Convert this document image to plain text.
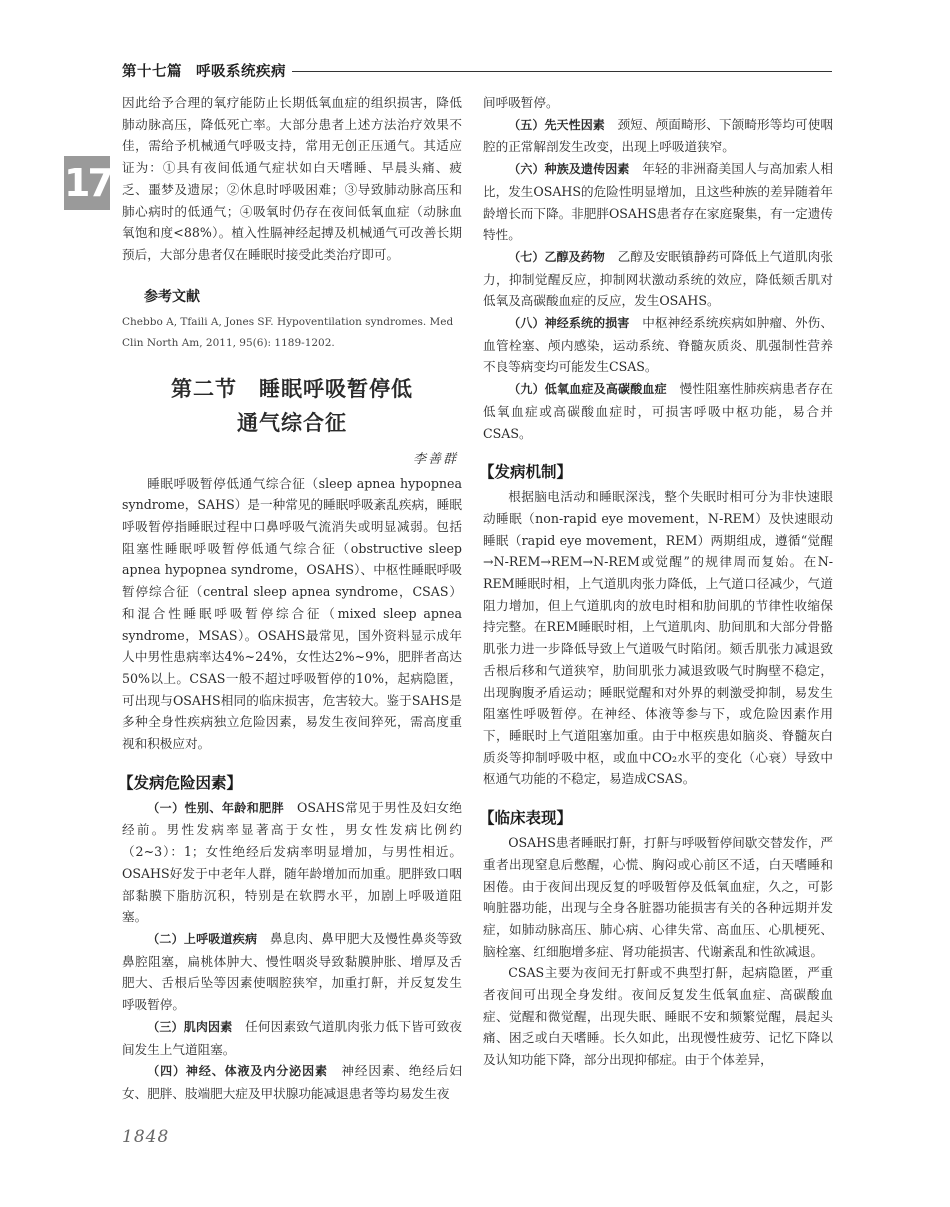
第十七篇 呼吸系统疾病
17

因此给予合理的氧疗能防止长期低氧血症的组织损害，降低肺动脉高压，降低死亡率。大部分患者上述方法治疗效果不佳，需给予机械通气呼吸支持，常用无创正压通气。其适应证为：①具有夜间低通气症状如白天嗜睡、早晨头痛、疲乏、噩梦及遗尿；②休息时呼吸困难；③导致肺动脉高压和肺心病时的低通气；④吸氧时仍存在夜间低氧血症（动脉血氧饱和度<88%）。植入性膈神经起搏及机械通气可改善长期预后，大部分患者仅在睡眠时接受此类治疗即可。

参考文献

Chebbo A, Tfaili A, Jones SF. Hypoventilation syndromes. Med Clin North Am, 2011, 95(6): 1189-1202.

第二节　睡眠呼吸暂停低
通气综合征
李善群

睡眠呼吸暂停低通气综合征（sleep apnea hypopnea syndrome，SAHS）是一种常见的睡眠呼吸紊乱疾病，睡眠呼吸暂停指睡眠过程中口鼻呼吸气流消失或明显减弱。包括阻塞性睡眠呼吸暂停低通气综合征（obstructive sleep apnea hypopnea syndrome，OSAHS）、中枢性睡眠呼吸暂停综合征（central sleep apnea syndrome，CSAS）和混合性睡眠呼吸暂停综合征（mixed sleep apnea syndrome，MSAS）。OSAHS最常见，国外资料显示成年人中男性患病率达4%~24%，女性达2%~9%，肥胖者高达50%以上。CSAS一般不超过呼吸暂停的10%，起病隐匿，可出现与OSAHS相同的临床损害，危害较大。鉴于SAHS是多种全身性疾病独立危险因素，易发生夜间猝死，需高度重视和积极应对。

【发病危险因素】

（一）性别、年龄和肥胖　 OSAHS常见于男性及妇女绝经前。男性发病率显著高于女性，男女性发病比例约（2~3）：1；女性绝经后发病率明显增加，与男性相近。OSAHS好发于中老年人群，随年龄增加而加重。肥胖致口咽部黏膜下脂肪沉积，特别是在软腭水平，加剧上呼吸道阻塞。

（二）上呼吸道疾病　 鼻息肉、鼻甲肥大及慢性鼻炎等致鼻腔阻塞，扁桃体肿大、慢性咽炎导致黏膜肿胀、增厚及舌肥大、舌根后坠等因素使咽腔狭窄，加重打鼾，并反复发生呼吸暂停。

（三）肌肉因素　 任何因素致气道肌肉张力低下皆可致夜间发生上气道阻塞。

（四）神经、体液及内分泌因素　 神经因素、绝经后妇女、肥胖、肢端肥大症及甲状腺功能减退患者等均易发生夜

间呼吸暂停。

（五）先天性因素　 颈短、颅面畸形、下颌畸形等均可使咽腔的正常解剖发生改变，出现上呼吸道狭窄。

（六）种族及遗传因素　 年轻的非洲裔美国人与高加索人相比，发生OSAHS的危险性明显增加，且这些种族的差异随着年龄增长而下降。非肥胖OSAHS患者存在家庭聚集，有一定遗传特性。

（七）乙醇及药物　 乙醇及安眠镇静药可降低上气道肌肉张力，抑制觉醒反应，抑制网状激动系统的效应，降低颏舌肌对低氧及高碳酸血症的反应，发生OSAHS。

（八）神经系统的损害　 中枢神经系统疾病如肿瘤、外伤、血管栓塞、颅内感染，运动系统、脊髓灰质炎、肌强制性营养不良等病变均可能发生CSAS。

（九）低氧血症及高碳酸血症　 慢性阻塞性肺疾病患者存在低氧血症或高碳酸血症时，可损害呼吸中枢功能，易合并CSAS。

【发病机制】

根据脑电活动和睡眠深浅，整个失眠时相可分为非快速眼动睡眠（non-rapid eye movement，N-REM）及快速眼动睡眠（rapid eye movement，REM）两期组成，遵循“觉醒→N-REM→REM→N-REM或觉醒”的规律周而复始。在N-REM睡眠时相，上气道肌肉张力降低，上气道口径减少，气道阻力增加，但上气道肌肉的放电时相和肋间肌的节律性收缩保持完整。在REM睡眠时相，上气道肌肉、肋间肌和大部分骨骼肌张力进一步降低导致上气道吸气时陷闭。颏舌肌张力减退致舌根后移和气道狭窄，肋间肌张力减退致吸气时胸壁不稳定，出现胸腹矛盾运动；睡眠觉醒和对外界的刺激受抑制，易发生阻塞性呼吸暂停。在神经、体液等参与下，或危险因素作用下，睡眠时上气道阻塞加重。由于中枢疾患如脑炎、脊髓灰白质炎等抑制呼吸中枢，或血中CO₂水平的变化（心衰）导致中枢通气功能的不稳定，易造成CSAS。

【临床表现】

OSAHS患者睡眠打鼾，打鼾与呼吸暂停间歇交替发作，严重者出现窒息后憋醒，心慌、胸闷或心前区不适，白天嗜睡和困倦。由于夜间出现反复的呼吸暂停及低氧血症，久之，可影响脏器功能，出现与全身各脏器功能损害有关的各种远期并发症，如肺动脉高压、肺心病、心律失常、高血压、心肌梗死、脑栓塞、红细胞增多症、肾功能损害、代谢紊乱和性欲减退。

CSAS主要为夜间无打鼾或不典型打鼾，起病隐匿，严重者夜间可出现全身发绀。夜间反复发生低氧血症、高碳酸血症、觉醒和微觉醒，出现失眠、睡眠不安和频繁觉醒，晨起头痛、困乏或白天嗜睡。长久如此，出现慢性疲劳、记忆下降以及认知功能下降，部分出现抑郁症。由于个体差异，

1848
